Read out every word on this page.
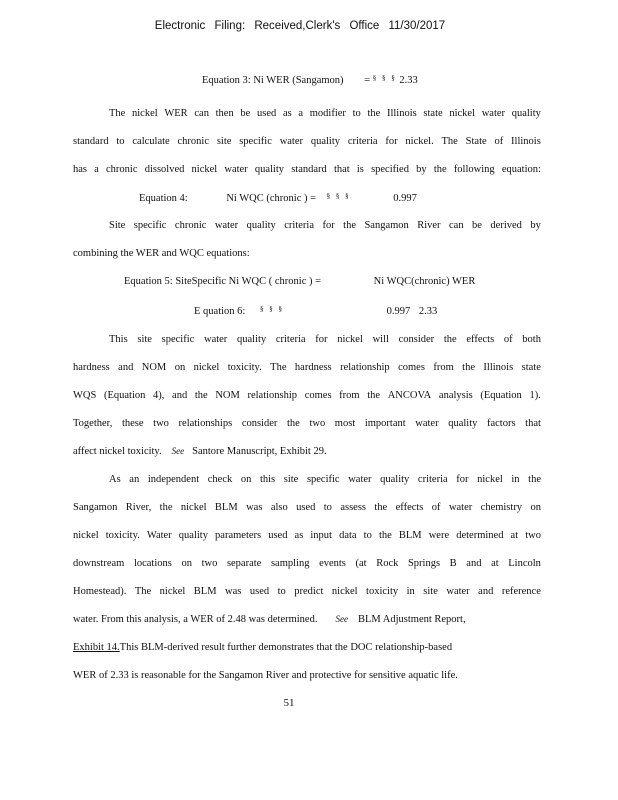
Electronic Filing: Received,Clerk's Office 11/30/2017
Equation 3: Ni WER (Sangamon) = § § § 2.33
The nickel WER can then be used as a modifier to the Illinois state nickel water quality
standard to calculate chronic site specific water quality criteria for nickel. The State of Illinois
has a chronic dissolved nickel water quality standard that is specified by the following equation:
Equation 4:	Ni WQC (chronic ) = § § §	0.997
Site specific chronic water quality criteria for the Sangamon River can be derived by
combining the WER and WQC equations:
Equation 5: SiteSpecific Ni WQC ( chronic ) =	Ni WQC(chronic) WER
E quation 6: § § §	0.997 2.33
This site specific water quality criteria for nickel will consider the effects of both
hardness and NOM on nickel toxicity. The hardness relationship comes from the Illinois state
WQS (Equation 4), and the NOM relationship comes from the ANCOVA analysis (Equation 1).
Together, these two relationships consider the two most important water quality factors that
affect nickel toxicity. See Santore Manuscript, Exhibit 29.
As an independent check on this site specific water quality criteria for nickel in the
Sangamon River, the nickel BLM was also used to assess the effects of water chemistry on
nickel toxicity. Water quality parameters used as input data to the BLM were determined at two
downstream locations on two separate sampling events (at Rock Springs B and at Lincoln
Homestead). The nickel BLM was used to predict nickel toxicity in site water and reference
water. From this analysis, a WER of 2.48 was determined. See BLM Adjustment Report,
Exhibit 14. This BLM-derived result further demonstrates that the DOC relationship-based
WER of 2.33 is reasonable for the Sangamon River and protective for sensitive aquatic life.
51
